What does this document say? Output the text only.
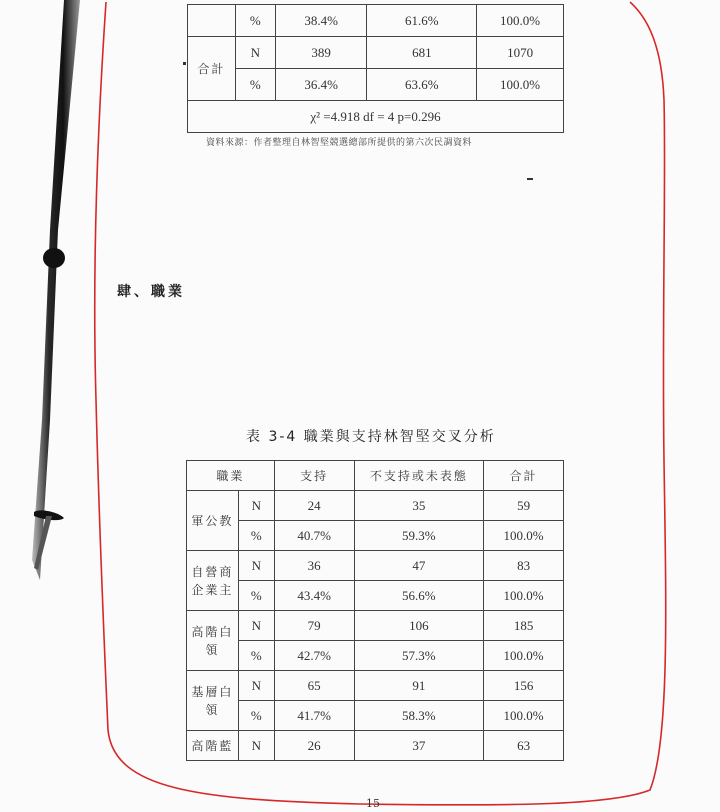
	%	38.4%	61.6%	100.0%
合計	N	389	681	1070
	%	36.4%	63.6%	100.0%
χ² =4.918 df = 4 p=0.296				
資料來源：作者整理自林智堅競選總部所提供的第六次民調資料
肆、職業
表 3-4 職業與支持林智堅交叉分析
職業		支持	不支持或未表態	合計
軍公教	N	24	35	59
	%	40.7%	59.3%	100.0%
自營商企業主	N	36	47	83
	%	43.4%	56.6%	100.0%
高階白領	N	79	106	185
	%	42.7%	57.3%	100.0%
基層白領	N	65	91	156
	%	41.7%	58.3%	100.0%
高階藍	N	26	37	63
15
